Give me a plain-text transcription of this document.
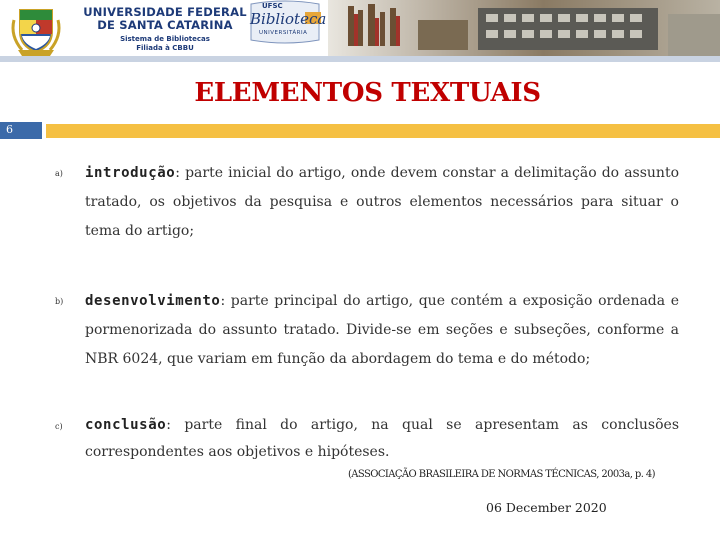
UNIVERSIDADE FEDERAL
DE SANTA CATARINA
Sistema de Bibliotecas
Filiada à CBBU
UFSC
Biblioteca
UNIVERSITÁRIA
ELEMENTOS TEXTUAIS
6
a) introdução: parte inicial do artigo, onde devem constar a delimitação do assunto tratado, os objetivos da pesquisa e outros elementos necessários para situar o tema do artigo;

b) desenvolvimento: parte principal do artigo, que contém a exposição ordenada e pormenorizada do assunto tratado. Divide-se em seções e subseções, conforme a NBR 6024, que variam em função da abordagem do tema e do método;

c) conclusão: parte final do artigo, na qual se apresentam as conclusões correspondentes aos objetivos e hipóteses.

(ASSOCIAÇÃO BRASILEIRA DE NORMAS TÉCNICAS, 2003a, p. 4)
06 December 2020
